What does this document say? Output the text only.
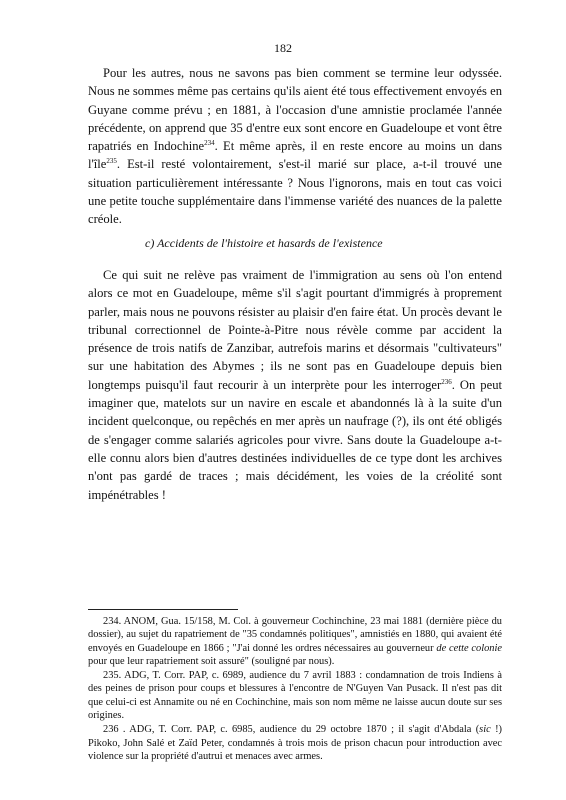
182

Pour les autres, nous ne savons pas bien comment se termine leur odyssée. Nous ne sommes même pas certains qu'ils aient été tous effectivement envoyés en Guyane comme prévu ; en 1881, à l'occasion d'une amnistie proclamée l'année précédente, on apprend que 35 d'entre eux sont encore en Guadeloupe et vont être rapatriés en Indochine$^{234}$. Et même après, il en reste encore au moins un dans l'île$^{235}$. Est-il resté volontairement, s'est-il marié sur place, a-t-il trouvé une situation particulièrement intéressante ? Nous l'ignorons, mais en tout cas voici une petite touche supplémentaire dans l'immense variété des nuances de la palette créole.

c) Accidents de l'histoire et hasards de l'existence

Ce qui suit ne relève pas vraiment de l'immigration au sens où l'on entend alors ce mot en Guadeloupe, même s'il s'agit pourtant d'immigrés à proprement parler, mais nous ne pouvons résister au plaisir d'en faire état. Un procès devant le tribunal correctionnel de Pointe-à-Pitre nous révèle comme par accident la présence de trois natifs de Zanzibar, autrefois marins et désormais "cultivateurs" sur une habitation des Abymes ; ils ne sont pas en Guadeloupe depuis bien longtemps puisqu'il faut recourir à un interprète pour les interroger$^{236}$. On peut imaginer que, matelots sur un navire en escale et abandonnés là à la suite d'un incident quelconque, ou repêchés en mer après un naufrage (?), ils ont été obligés de s'engager comme salariés agricoles pour vivre. Sans doute la Guadeloupe a-t-elle connu alors bien d'autres destinées individuelles de ce type dont les archives n'ont pas gardé de traces ; mais décidément, les voies de la créolité sont impénétrables !

234. ANOM, Gua. 15/158, M. Col. à gouverneur Cochinchine, 23 mai 1881 (dernière pièce du dossier), au sujet du rapatriement de "35 condamnés politiques", amnistiés en 1880, qui avaient été envoyés en Guadeloupe en 1866 ; "J'ai donné les ordres nécessaires au gouverneur de cette colonie pour que leur rapatriement soit assuré" (souligné par nous).

235. ADG, T. Corr. PAP, c. 6989, audience du 7 avril 1883 : condamnation de trois Indiens à des peines de prison pour coups et blessures à l'encontre de N'Guyen Van Pusack. Il n'est pas dit que celui-ci est Annamite ou né en Cochinchine, mais son nom même ne laisse aucun doute sur ses origines.

236 . ADG, T. Corr. PAP, c. 6985, audience du 29 octobre 1870 ; il s'agit d'Abdala (sic !) Pikoko, John Salé et Zaïd Peter, condamnés à trois mois de prison chacun pour introduction avec violence sur la propriété d'autrui et menaces avec armes.
